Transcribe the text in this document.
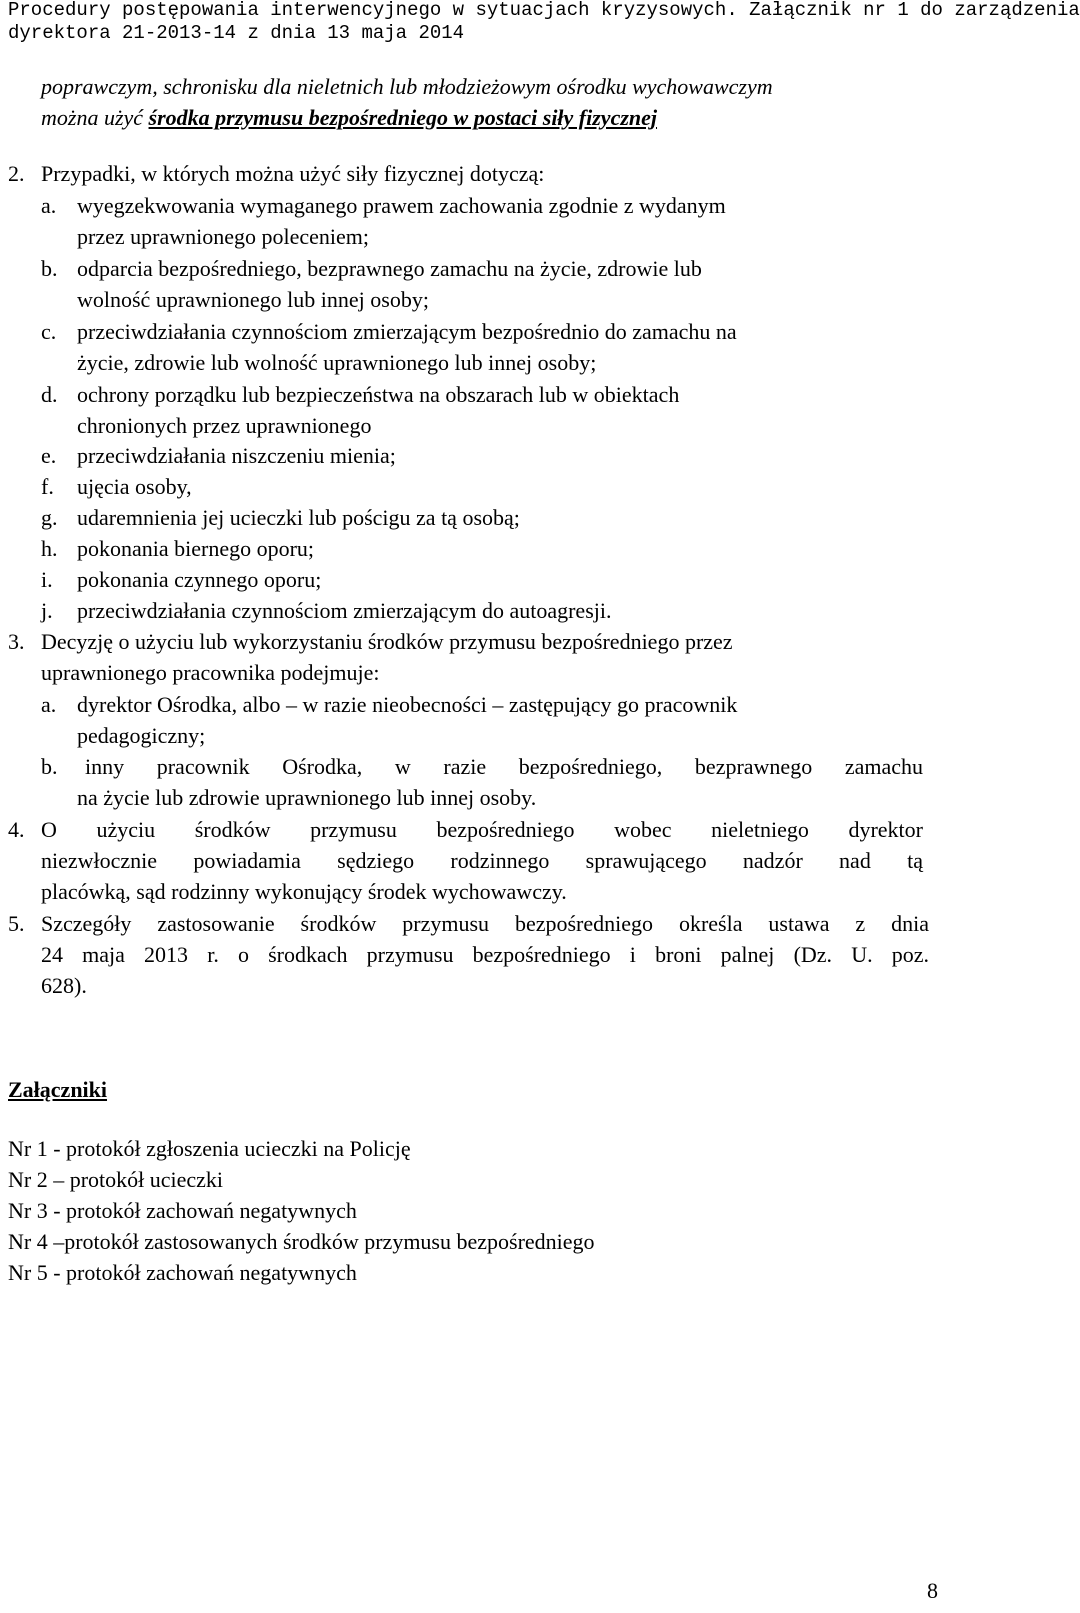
Procedury postępowania interwencyjnego w sytuacjach kryzysowych. Załącznik nr 1 do zarządzenia
dyrektora 21-2013-14 z dnia 13 maja 2014
poprawczym, schronisku dla nieletnich lub młodzieżowym ośrodku wychowawczym
można użyć środka przymusu bezpośredniego w postaci siły fizycznej
2. Przypadki, w których można użyć siły fizycznej dotyczą:
a. wyegzekwowania wymaganego prawem zachowania zgodnie z wydanym
przez uprawnionego poleceniem;
b. odparcia bezpośredniego, bezprawnego zamachu na życie, zdrowie lub
wolność uprawnionego lub innej osoby;
c. przeciwdziałania czynnościom zmierzającym bezpośrednio do zamachu na
życie, zdrowie lub wolność uprawnionego lub innej osoby;
d. ochrony porządku lub bezpieczeństwa na obszarach lub w obiektach
chronionych przez uprawnionego
e. przeciwdziałania niszczeniu mienia;
f. ujęcia osoby,
g. udaremnienia jej ucieczki lub pościgu za tą osobą;
h. pokonania biernego oporu;
i. pokonania czynnego oporu;
j. przeciwdziałania czynnościom zmierzającym do autoagresji.
3. Decyzję o użyciu lub wykorzystaniu środków przymusu bezpośredniego przez
uprawnionego pracownika podejmuje:
a. dyrektor Ośrodka, albo – w razie nieobecności – zastępujący go pracownik
pedagogiczny;
b. inny pracownik Ośrodka, w razie bezpośredniego, bezprawnego zamachu
na życie lub zdrowie uprawnionego lub innej osoby.
4. O użyciu środków przymusu bezpośredniego wobec nieletniego dyrektor
niezwłocznie powiadamia sędziego rodzinnego sprawującego nadzór nad tą
placówką, sąd rodzinny wykonujący środek wychowawczy.
5. Szczegóły zastosowanie środków przymusu bezpośredniego określa ustawa z dnia
24 maja 2013 r. o środkach przymusu bezpośredniego i broni palnej (Dz. U. poz.
628).
Załączniki
Nr 1 - protokół zgłoszenia ucieczki na Policję
Nr 2 – protokół ucieczki
Nr 3 - protokół zachowań negatywnych
Nr 4 –protokół zastosowanych środków przymusu bezpośredniego
Nr 5 - protokół zachowań negatywnych
8
